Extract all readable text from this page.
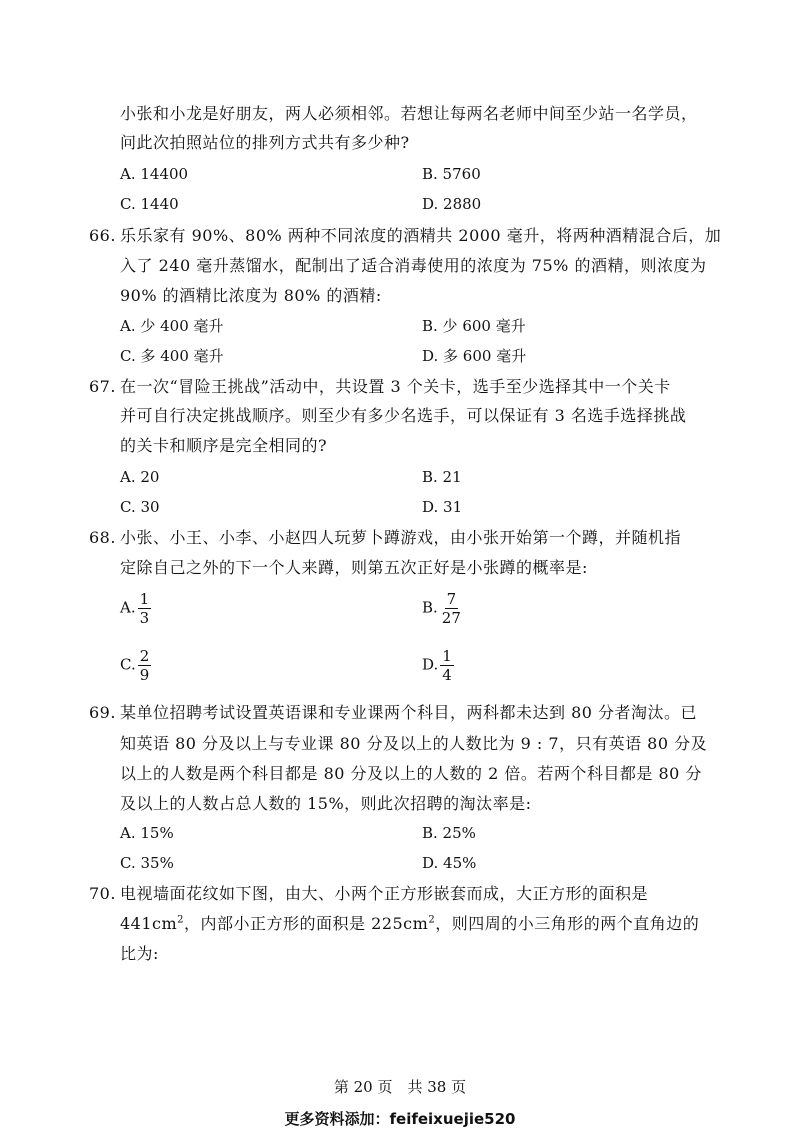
小张和小龙是好朋友，两人必须相邻。若想让每两名老师中间至少站一名学员，
问此次拍照站位的排列方式共有多少种?
A. 14400	B. 5760
C. 1440	D. 2880
66. 乐乐家有 90%、80% 两种不同浓度的酒精共 2000 毫升，将两种酒精混合后，加
入了 240 毫升蒸馏水，配制出了适合消毒使用的浓度为 75% 的酒精，则浓度为
90% 的酒精比浓度为 80% 的酒精:
A. 少 400 毫升	B. 少 600 毫升
C. 多 400 毫升	D. 多 600 毫升
67. 在一次“冒险王挑战”活动中，共设置 3 个关卡，选手至少选择其中一个关卡
并可自行决定挑战顺序。则至少有多少名选手，可以保证有 3 名选手选择挑战
的关卡和顺序是完全相同的?
A. 20	B. 21
C. 30	D. 31
68. 小张、小王、小李、小赵四人玩萝卜蹲游戏，由小张开始第一个蹲，并随机指
定除自己之外的下一个人来蹲，则第五次正好是小张蹲的概率是:
A. $\frac{1}{3}$	B. $\frac{7}{27}$
C. $\frac{2}{9}$	D. $\frac{1}{4}$
69. 某单位招聘考试设置英语课和专业课两个科目，两科都未达到 80 分者淘汰。已
知英语 80 分及以上与专业课 80 分及以上的人数比为 9 : 7，只有英语 80 分及
以上的人数是两个科目都是 80 分及以上的人数的 2 倍。若两个科目都是 80 分
及以上的人数占总人数的 15%，则此次招聘的淘汰率是:
A. 15%	B. 25%
C. 35%	D. 45%
70. 电视墙面花纹如下图，由大、小两个正方形嵌套而成，大正方形的面积是
$441cm^2$，内部小正方形的面积是 $225cm^2$，则四周的小三角形的两个直角边的
比为:
第 20 页　共 38 页
更多资料添加：feifeixuejie520
